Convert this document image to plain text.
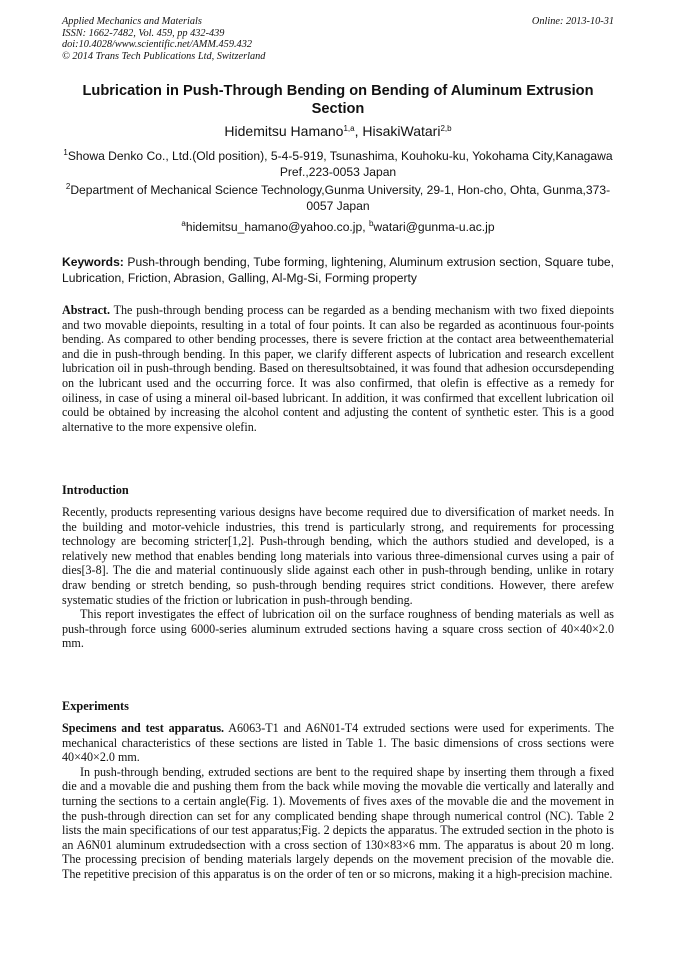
Applied Mechanics and Materials
ISSN: 1662-7482, Vol. 459, pp 432-439
doi:10.4028/www.scientific.net/AMM.459.432
© 2014 Trans Tech Publications Ltd, Switzerland
Online: 2013-10-31
Lubrication in Push-Through Bending on Bending of Aluminum Extrusion Section
Hidemitsu Hamano$^{1,a}$, HisakiWatari$^{2,b}$
$^1$Showa Denko Co., Ltd.(Old position), 5-4-5-919, Tsunashima, Kouhoku-ku, Yokohama City,Kanagawa Pref.,223-0053 Japan
$^2$Department of Mechanical Science Technology,Gunma University, 29-1, Hon-cho, Ohta, Gunma,373-0057 Japan
$^a$hidemitsu_hamano@yahoo.co.jp, $^b$watari@gunma-u.ac.jp
Keywords: Push-through bending, Tube forming, lightening, Aluminum extrusion section, Square tube, Lubrication, Friction, Abrasion, Galling, Al-Mg-Si, Forming property

Abstract. The push-through bending process can be regarded as a bending mechanism with two fixed diepoints and two movable diepoints, resulting in a total of four points. It can also be regarded as acontinuous four-points bending. As compared to other bending processes, there is severe friction at the contact area betweenthematerial and die in push-through bending. In this paper, we clarify different aspects of lubrication and research excellent lubrication oil in push-through bending. Based on theresultsobtained, it was found that adhesion occursdepending on the lubricant used and the occurring force. It was also confirmed, that olefin is effective as a remedy for oiliness, in case of using a mineral oil-based lubricant. In addition, it was confirmed that excellent lubrication oil could be obtained by increasing the alcohol content and adjusting the content of synthetic ester. This is a good alternative to the more expensive olefin.

Introduction

Recently, products representing various designs have become required due to diversification of market needs. In the building and motor-vehicle industries, this trend is particularly strong, and requirements for processing technology are becoming stricter[1,2]. Push-through bending, which the authors studied and developed, is a relatively new method that enables bending long materials into various three-dimensional curves using a pair of dies[3-8]. The die and material continuously slide against each other in push-through bending, unlike in rotary draw bending or stretch bending, so push-through bending requires strict conditions. However, there arefew systematic studies of the friction or lubrication in push-through bending.

This report investigates the effect of lubrication oil on the surface roughness of bending materials as well as push-through force using 6000-series aluminum extruded sections having a square cross section of 40×40×2.0 mm.

Experiments

Specimens and test apparatus. A6063-T1 and A6N01-T4 extruded sections were used for experiments. The mechanical characteristics of these sections are listed in Table 1. The basic dimensions of cross sections were 40×40×2.0 mm.

In push-through bending, extruded sections are bent to the required shape by inserting them through a fixed die and a movable die and pushing them from the back while moving the movable die vertically and laterally and turning the sections to a certain angle(Fig. 1). Movements of fives axes of the movable die and the movement in the push-through direction can set for any complicated bending shape through numerical control (NC). Table 2 lists the main specifications of our test apparatus;Fig. 2 depicts the apparatus. The extruded section in the photo is an A6N01 aluminum extrudedsection with a cross section of 130×83×6 mm. The apparatus is about 20 m long. The processing precision of bending materials largely depends on the movement precision of the movable die. The repetitive precision of this apparatus is on the order of ten or so microns, making it a high-precision machine.
